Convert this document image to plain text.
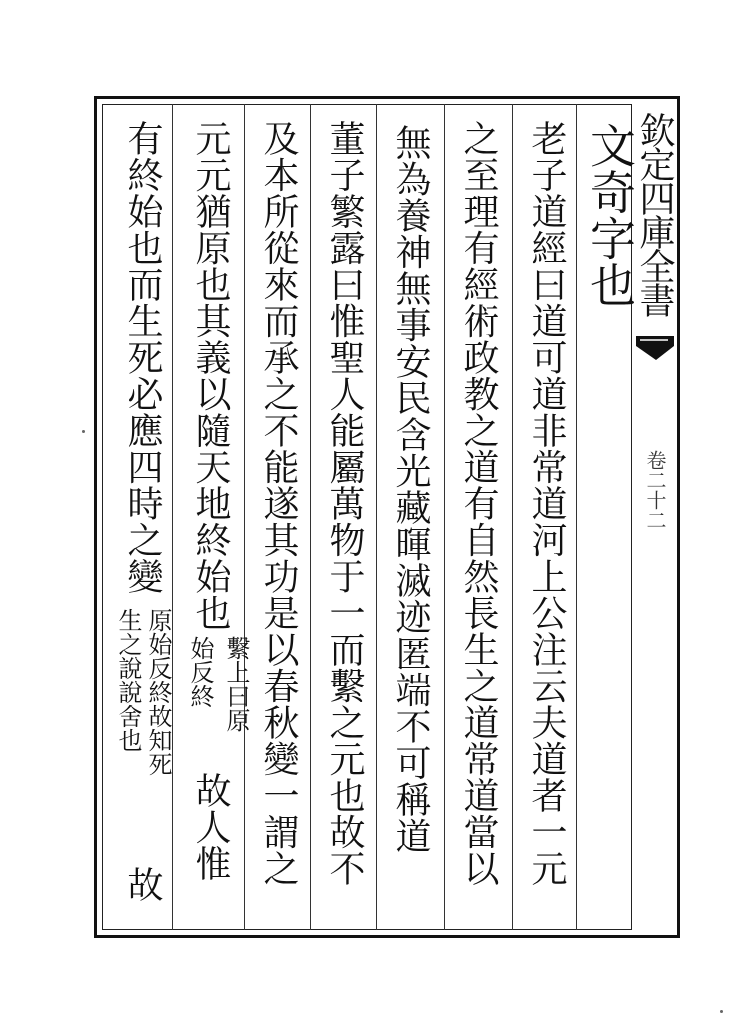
欽定四庫全書
卷二十二
文奇字也
老子道經曰道可道非常道河上公注云夫道者一元
之至理有經術政教之道有自然長生之道常道當以
無為養神無事安民含光藏暉滅迹匿端不可稱道
董子繁露曰惟聖人能屬萬物于一而繫之元也故不
及本所從來而承之不能遂其功是以春秋變一謂之
元元猶原也其義以隨天地終始也
繫上曰原
始反終
故人惟
有終始也而生死必應四時之變
原始反終故知死
生之說說舍也
故
